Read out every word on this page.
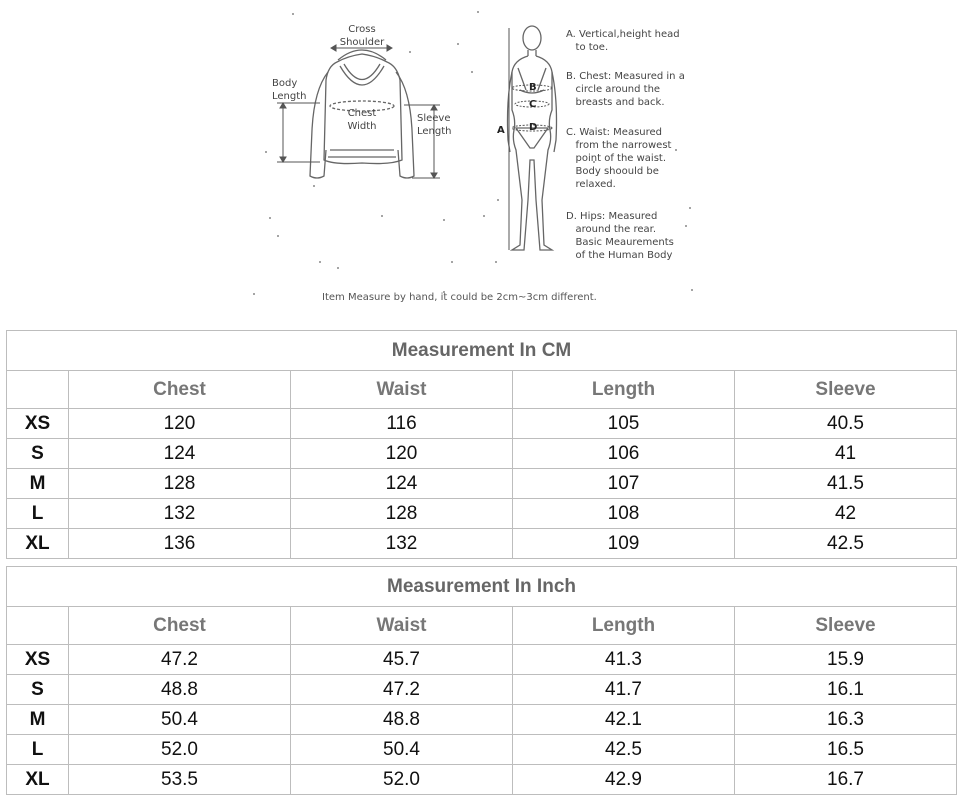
Cross
Shoulder
Body
Length
Chest
Width
Sleeve
Length	A
B
C
D
A. Vertical,height head
to toe.
B. Chest: Measured in a
circle around the
breasts and back.
C. Waist: Measured
from the narrowest
point of the waist.
Body shoould be
relaxed.
D. Hips: Measured
around the rear.
Basic Meaurements
of the Human Body
Item Measure by hand, it could be 2cm~3cm different.
Measurement In CM				
	Chest	Waist	Length	Sleeve
XS	120	116	105	40.5
S	124	120	106	41
M	128	124	107	41.5
L	132	128	108	42
XL	136	132	109	42.5
Measurement In Inch				
	Chest	Waist	Length	Sleeve
XS	47.2	45.7	41.3	15.9
S	48.8	47.2	41.7	16.1
M	50.4	48.8	42.1	16.3
L	52.0	50.4	42.5	16.5
XL	53.5	52.0	42.9	16.7
